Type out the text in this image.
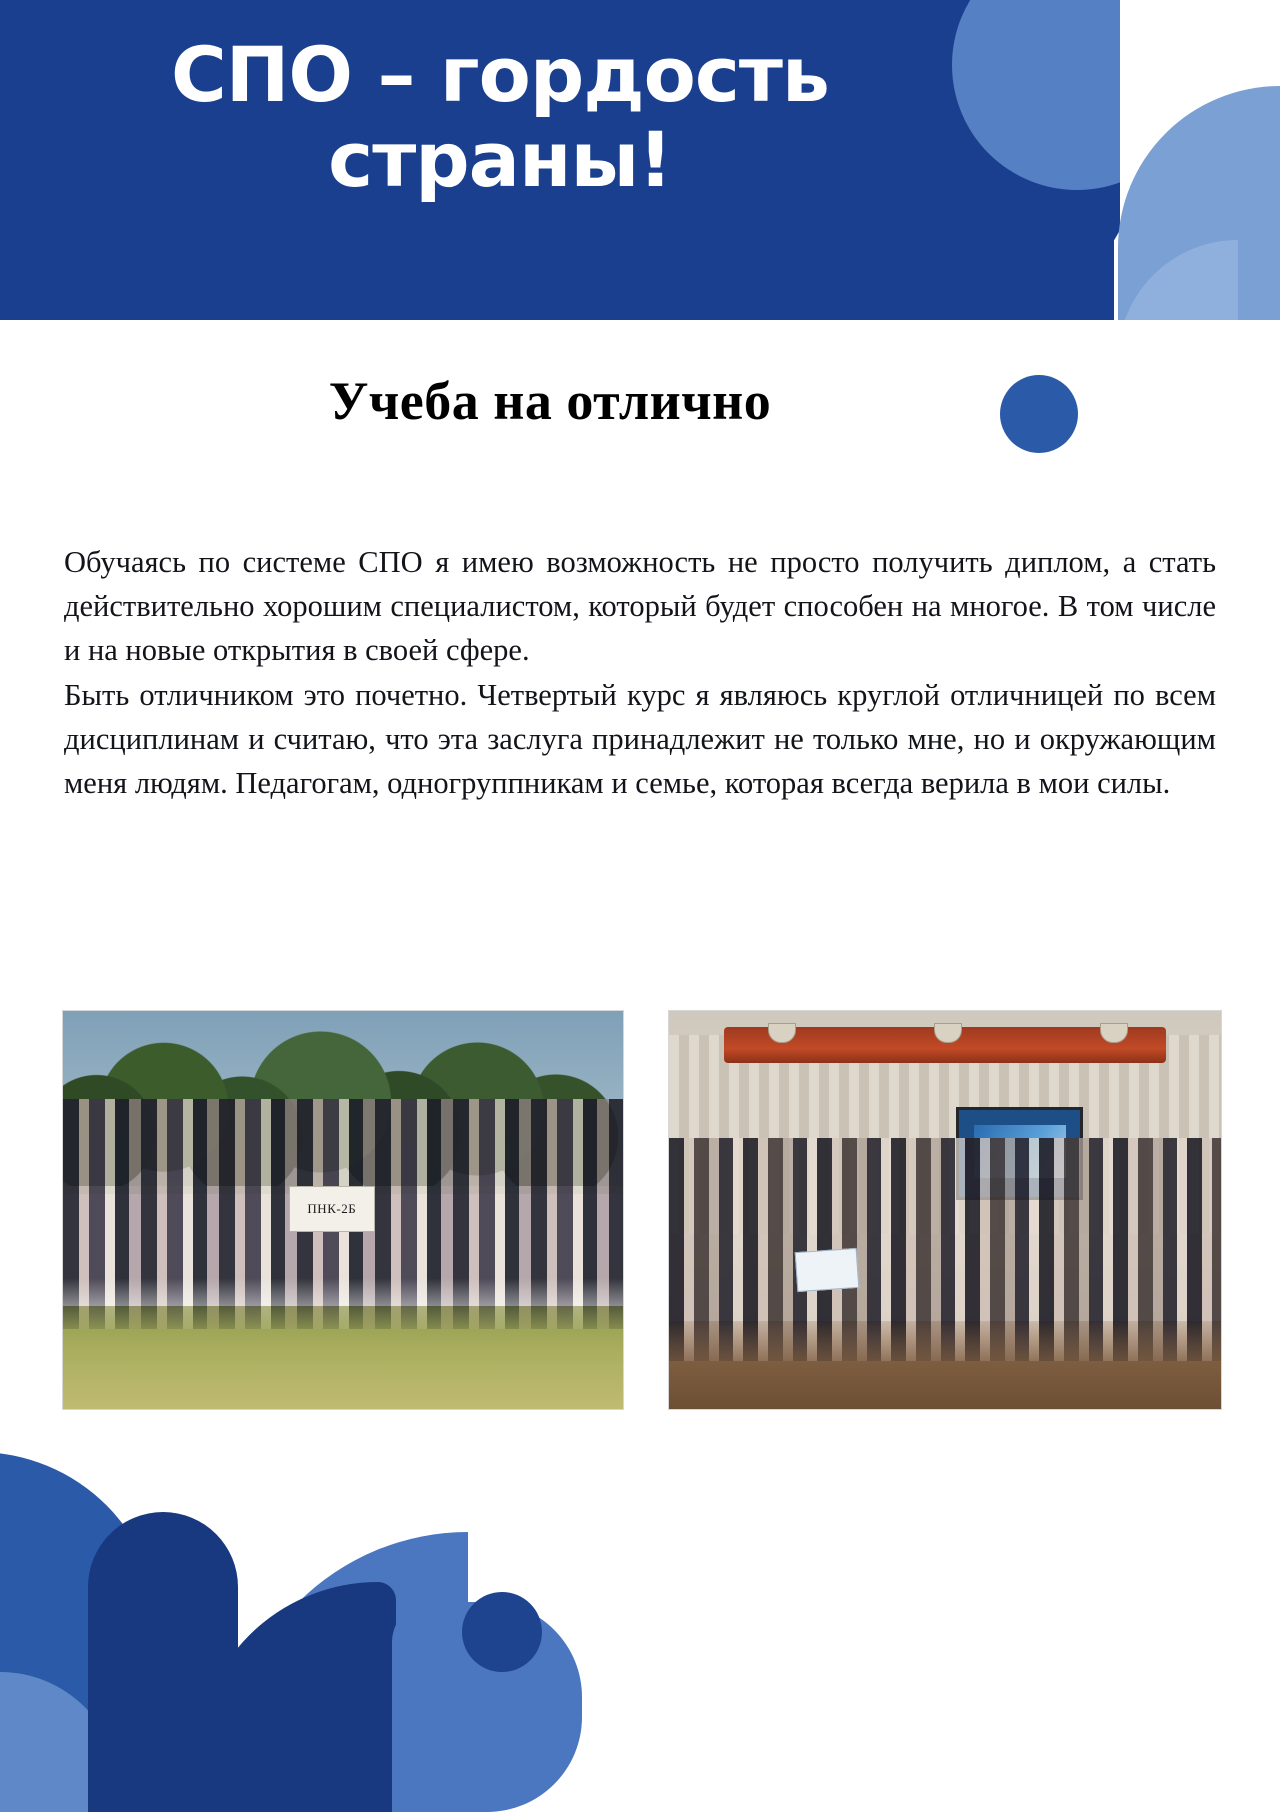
СПО – гордость страны!
Учеба на отлично

Обучаясь по системе СПО я имею возможность не просто получить диплом, а стать действительно хорошим специалистом, который будет способен на многое. В том числе и на новые открытия в своей сфере.

Быть отличником это почетно. Четвертый курс я являюсь круглой отличницей по всем дисциплинам и считаю, что эта заслуга принадлежит не только мне, но и окружающим меня людям. Педагогам, одногруппникам и семье, которая всегда верила в мои силы.

ПНК-2Б
